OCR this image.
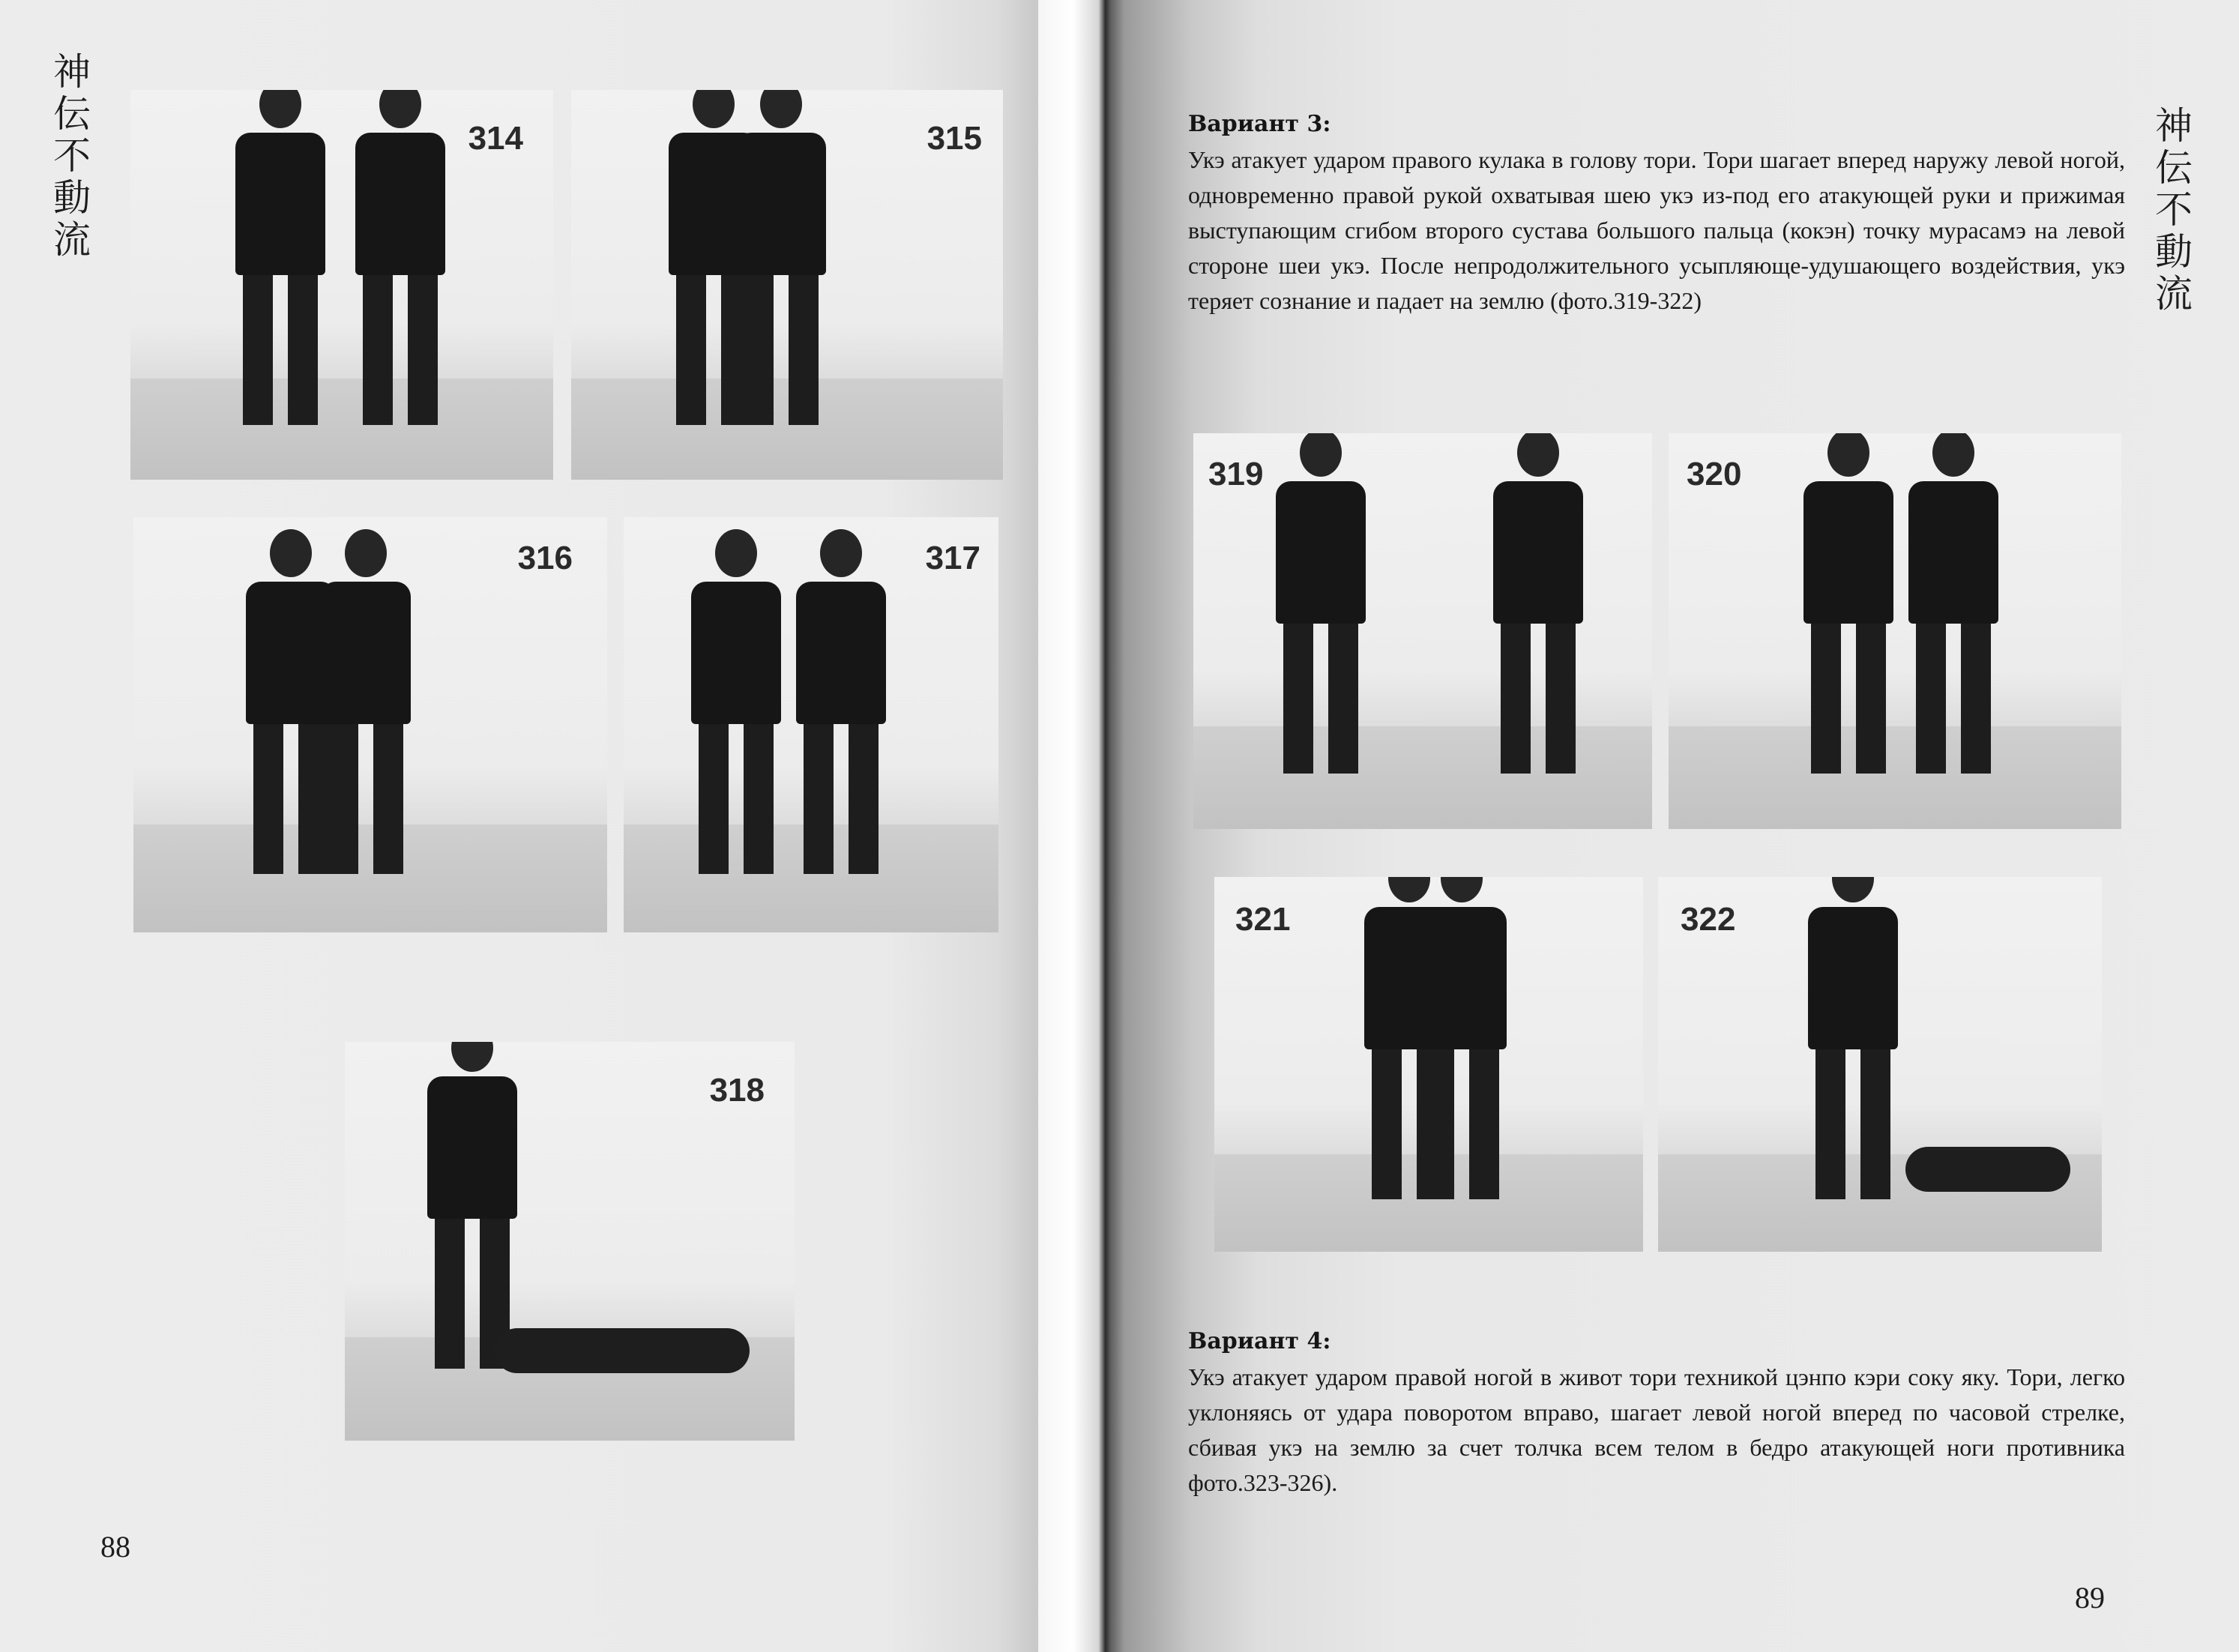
神
伝
不
動
流
314	315
316	317
318
88
Вариант 3:
Укэ атакует ударом правого кулака в голову тори. Тори шагает вперед наружу левой ногой, одновременно правой рукой охватывая шею укэ из-под его атакующей руки и прижимая выступающим сгибом второго сустава большого пальца (кокэн) точку мурасамэ на левой стороне шеи укэ. После непродолжительного усыпляюще-удушающего воздействия, укэ теряет сознание и падает на землю (фото.319-322)
神
伝
不
動
流
319	320
321	322
Вариант 4:
Укэ атакует ударом правой ногой в живот тори техникой цэнпо кэри соку яку. Тори, легко уклоняясь от удара поворотом вправо, шагает левой ногой вперед по часовой стрелке, сбивая укэ на землю за счет толчка всем телом в бедро атакующей ноги противника фото.323-326).
89
